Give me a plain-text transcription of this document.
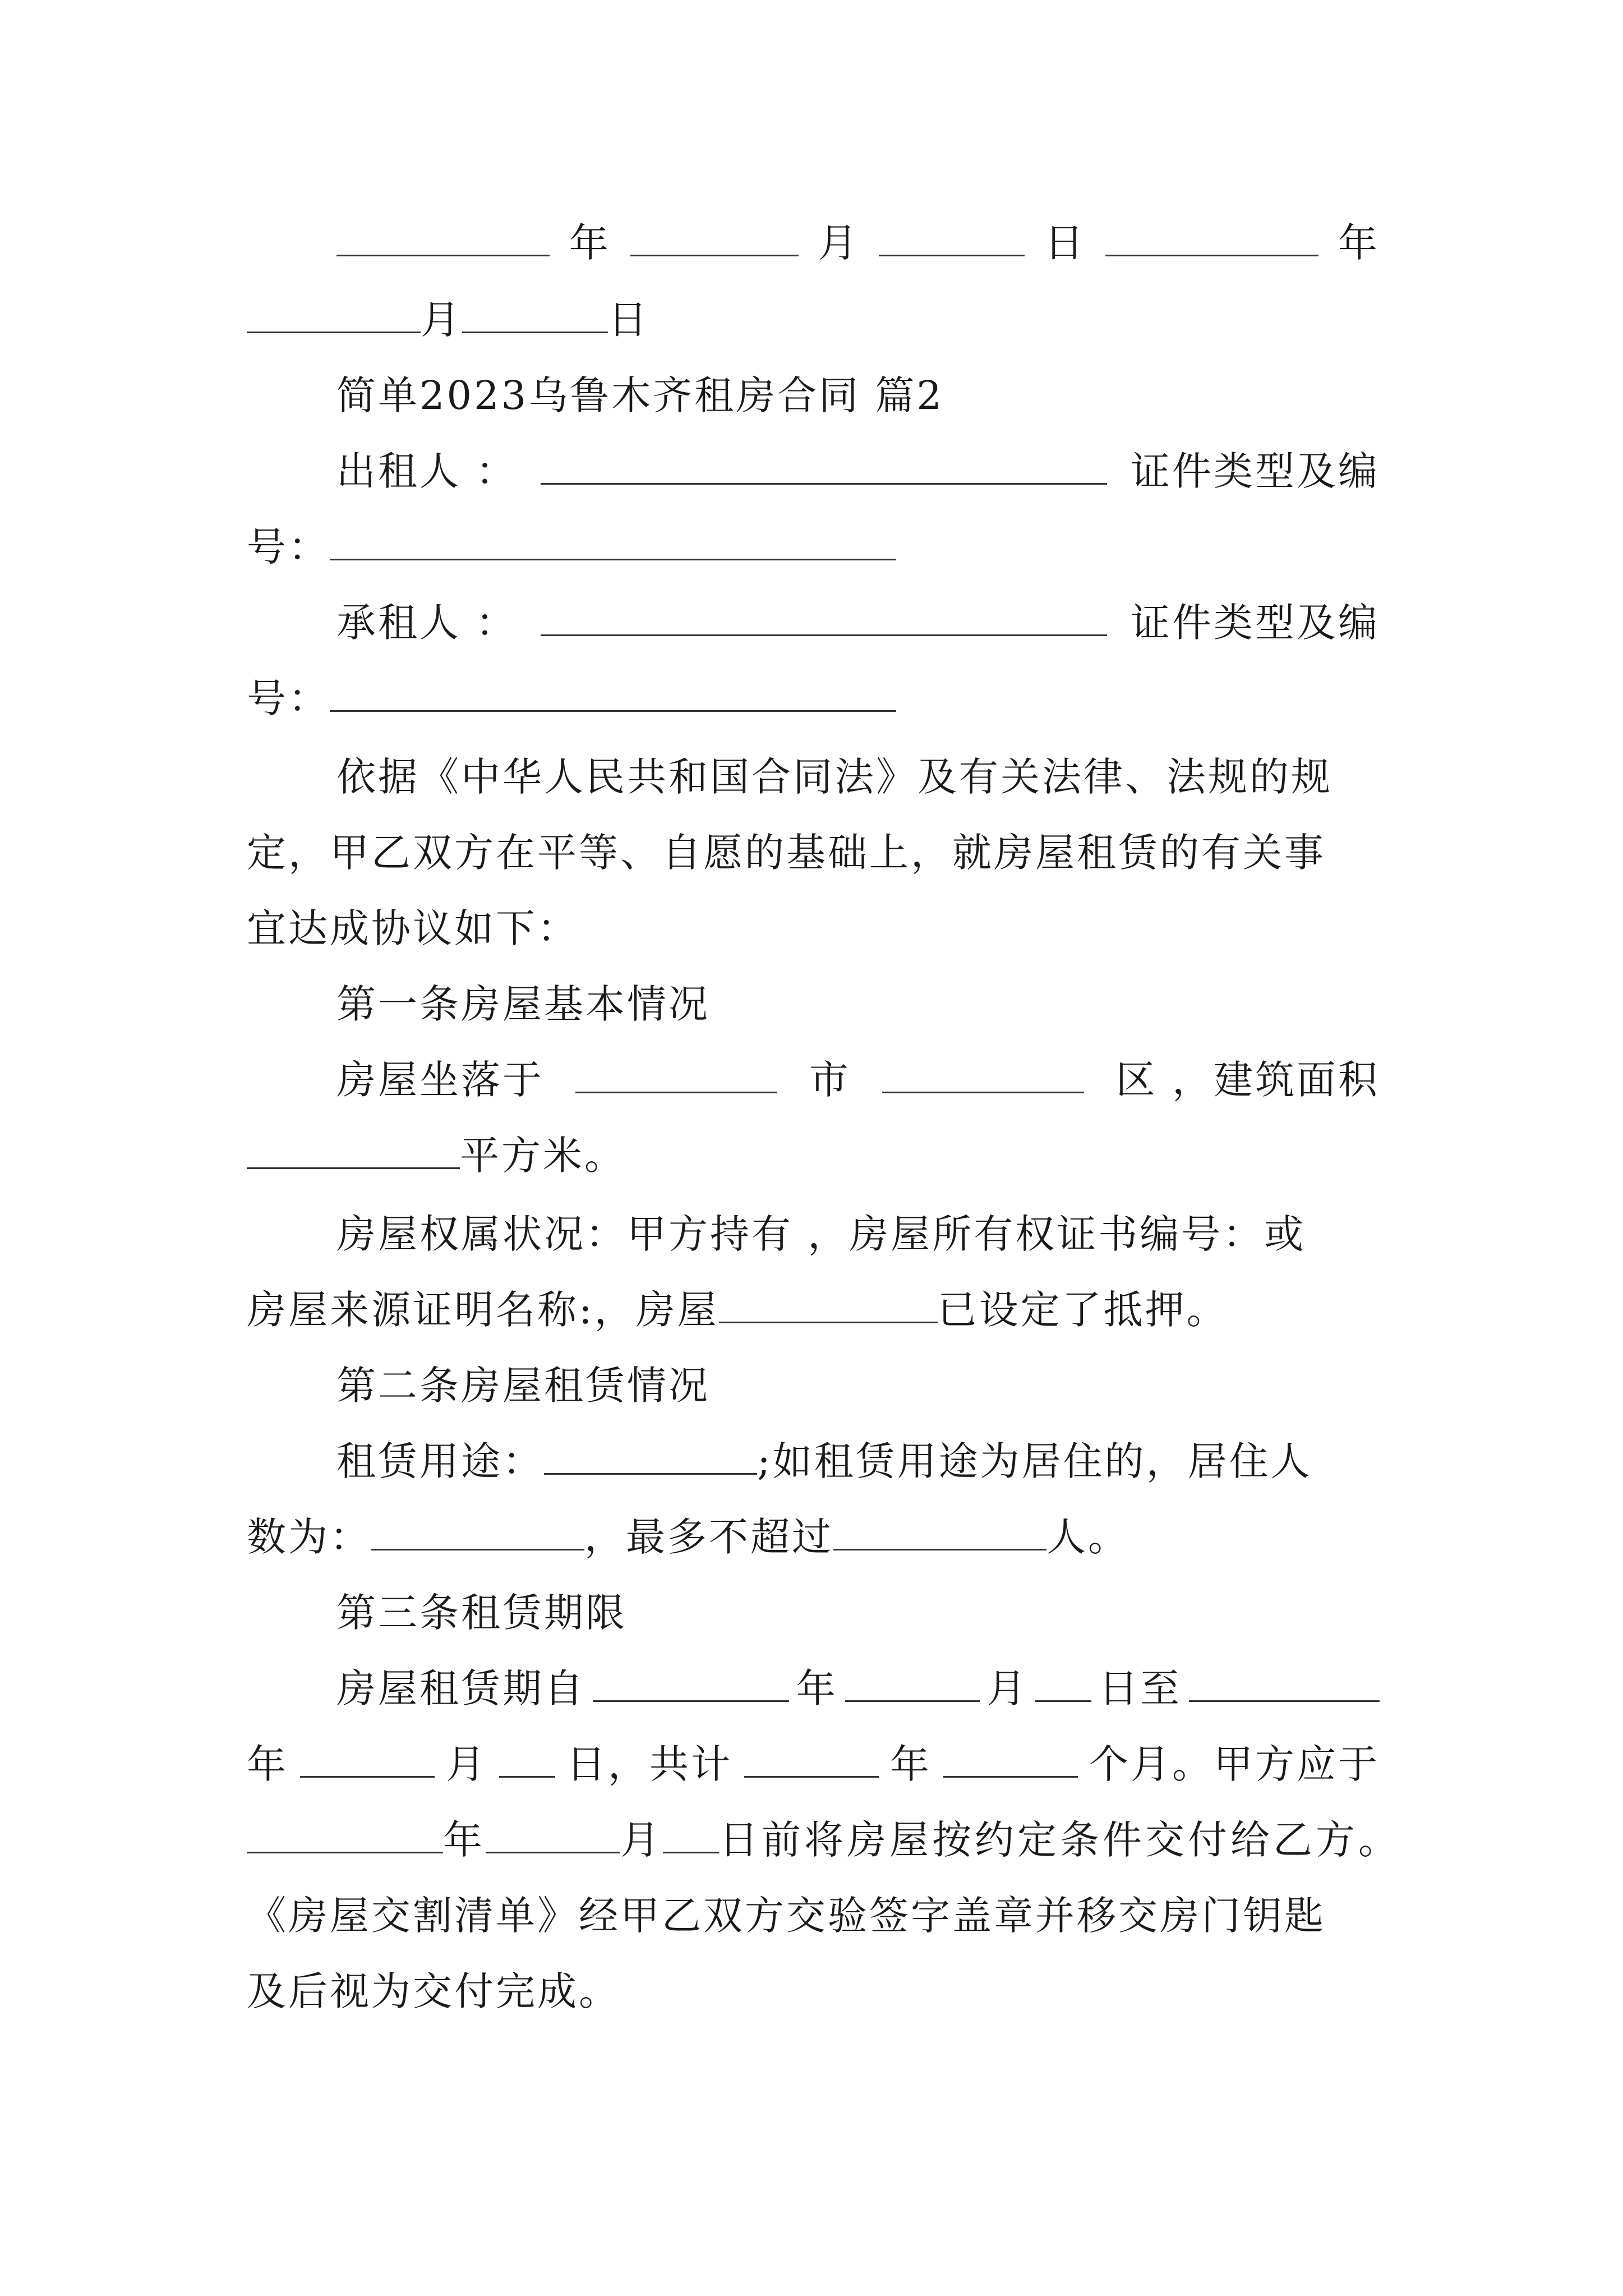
年	月	日	年
月	日
简单2023乌鲁木齐租房合同 篇2
出租人 ：	证件类型及编
号：
承租人 ：	证件类型及编
号：
依据《中华人民共和国合同法》及有关法律、法规的规
定，甲乙双方在平等、自愿的基础上，就房屋租赁的有关事
宜达成协议如下：
第一条房屋基本情况
房屋坐落于	市	区 ，建筑面积
平方米。
房屋权属状况：甲方持有 ，房屋所有权证书编号：或
房屋来源证明名称:，房屋	已设定了抵押。
第二条房屋租赁情况
租赁用途：	;如租赁用途为居住的，居住人
数为：	，最多不超过	人。
第三条租赁期限
房屋租赁期自	年	月 日至
年	月 日，共计	年	个月。甲方应于
年	月 日前将房屋按约定条件交付给乙方。
《房屋交割清单》经甲乙双方交验签字盖章并移交房门钥匙
及后视为交付完成。
